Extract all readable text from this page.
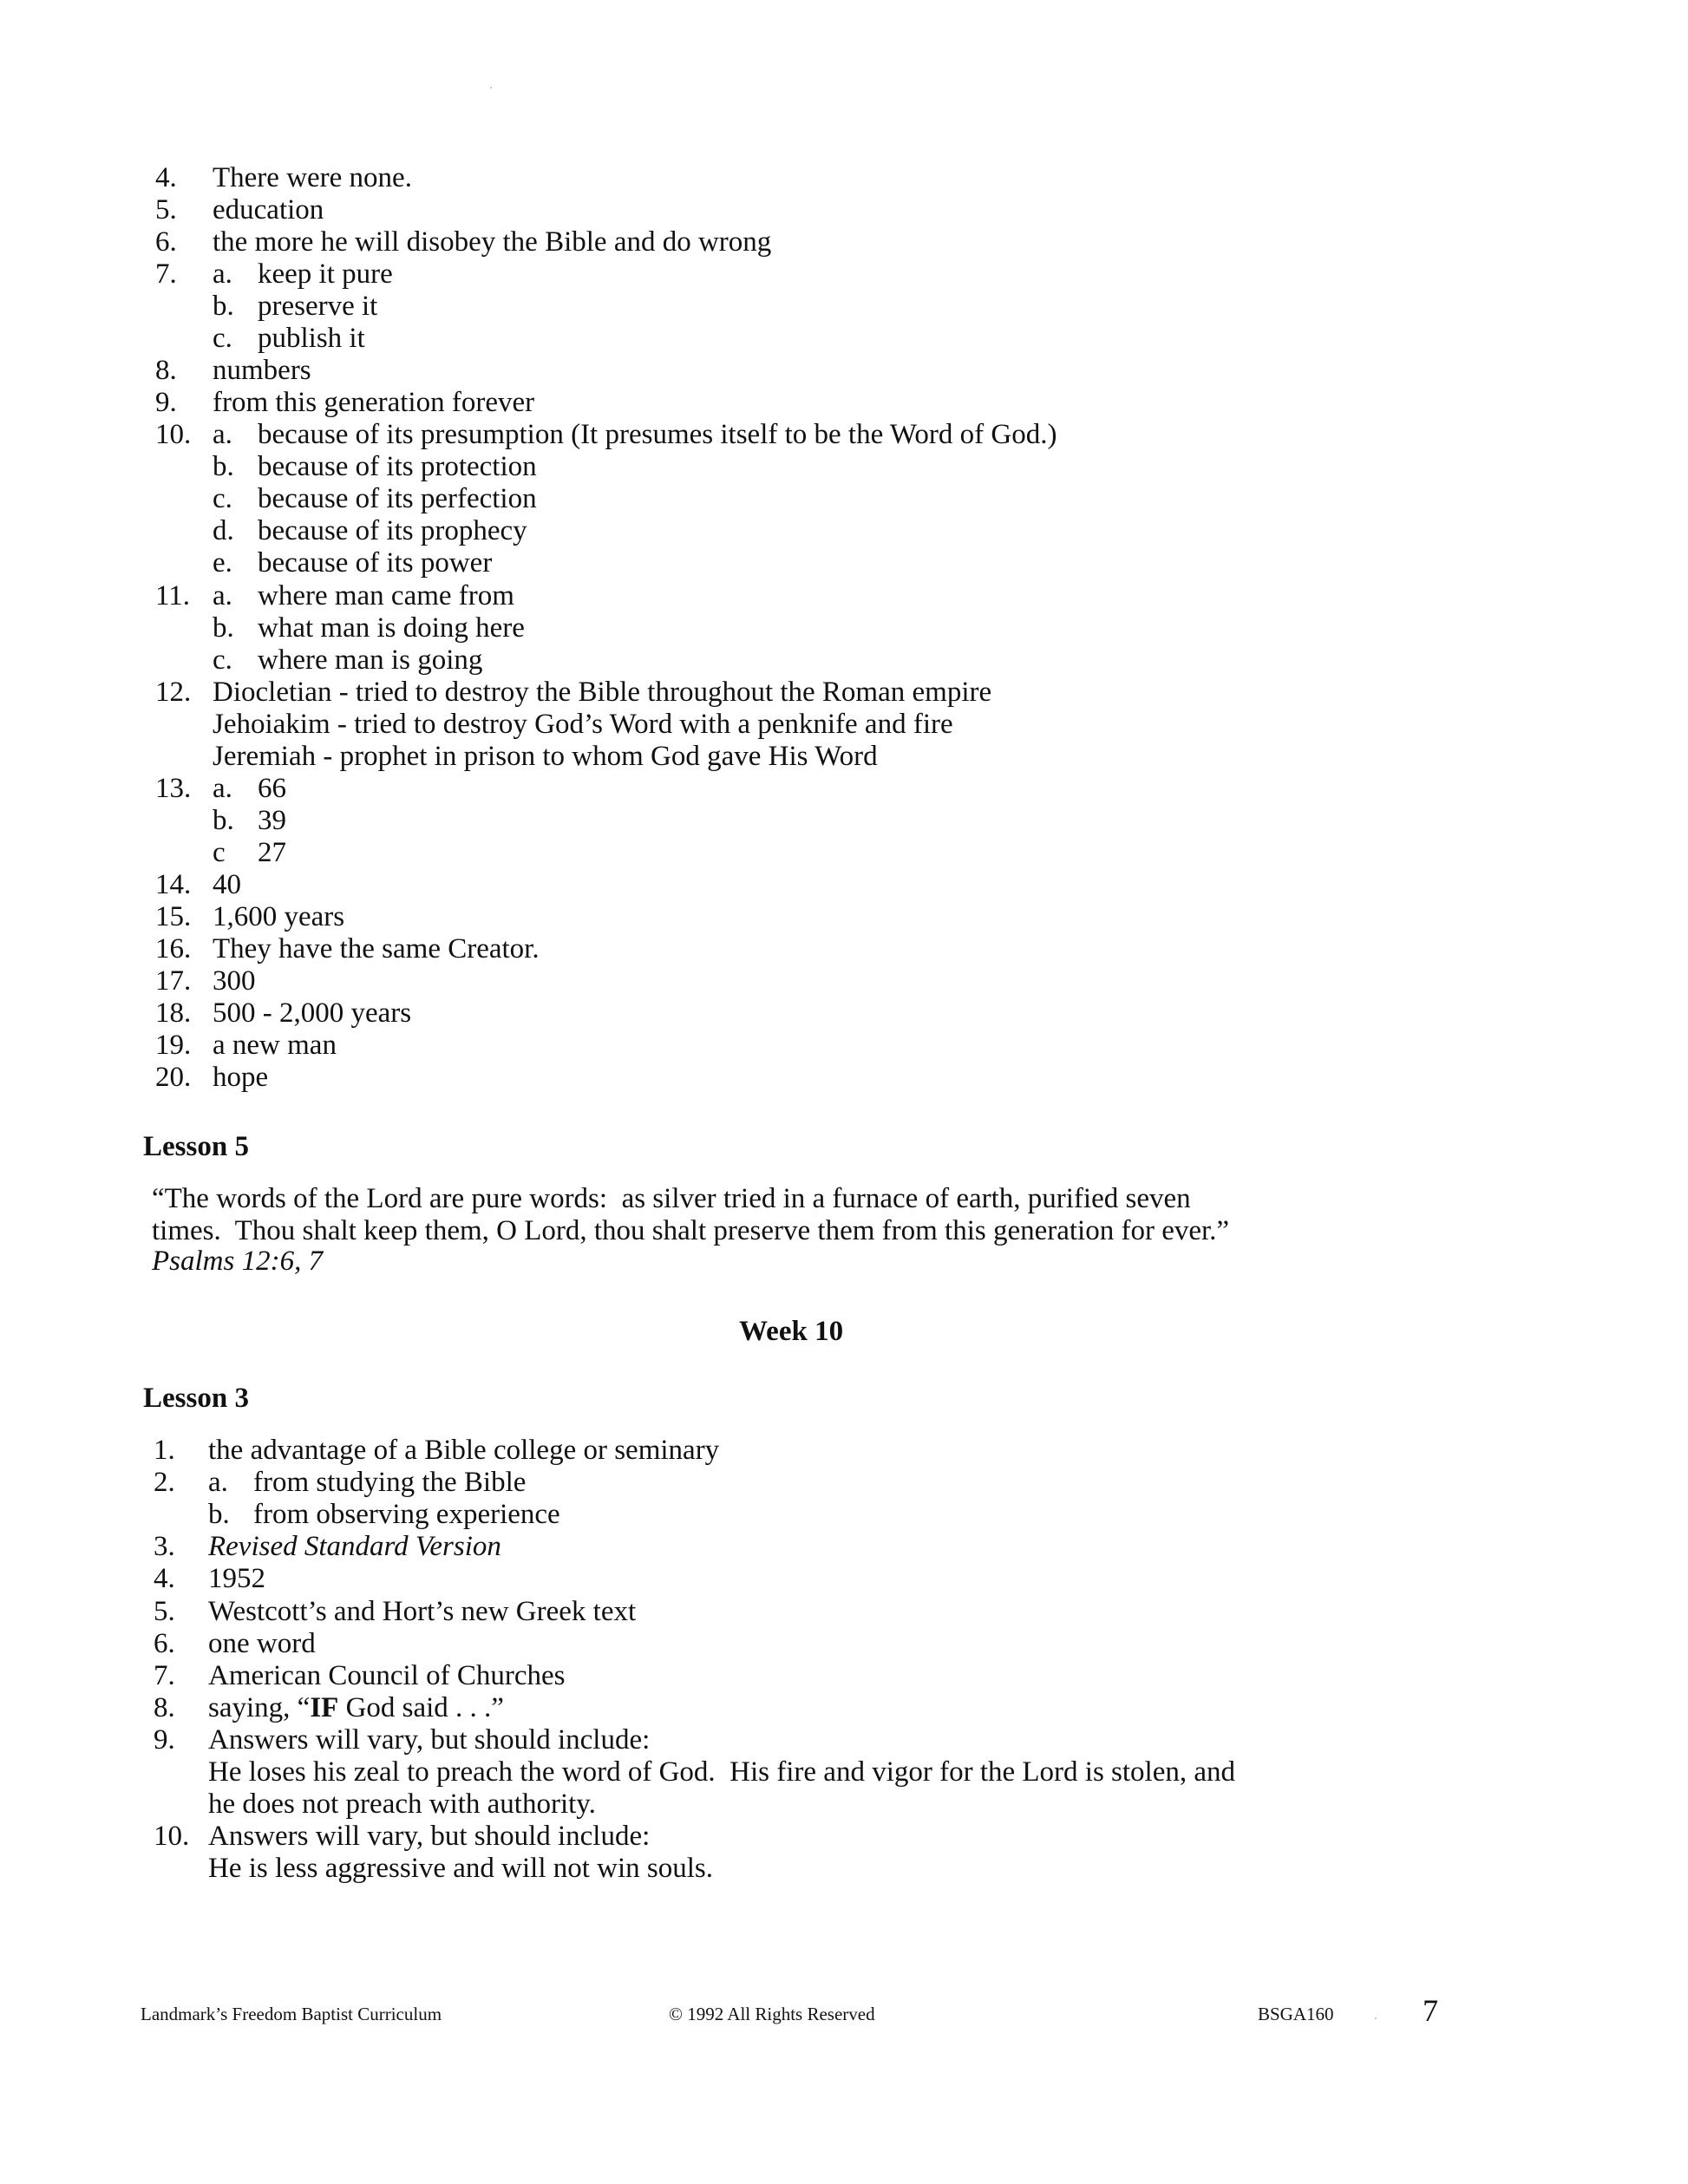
4. There were none.
5. education
6. the more he will disobey the Bible and do wrong
7. a. keep it pure
b. preserve it
c. publish it
8. numbers
9. from this generation forever
10. a. because of its presumption (It presumes itself to be the Word of God.)
b. because of its protection
c. because of its perfection
d. because of its prophecy
e. because of its power
11. a. where man came from
b. what man is doing here
c. where man is going
12. Diocletian - tried to destroy the Bible throughout the Roman empire
Jehoiakim - tried to destroy God’s Word with a penknife and fire
Jeremiah - prophet in prison to whom God gave His Word
13. a. 66
b. 39
c 27
14. 40
15. 1,600 years
16. They have the same Creator.
17. 300
18. 500 - 2,000 years
19. a new man
20. hope
Lesson 5
“The words of the Lord are pure words:  as silver tried in a furnace of earth, purified seven
times.  Thou shalt keep them, O Lord, thou shalt preserve them from this generation for ever.”
Psalms 12:6, 7
Week 10
Lesson 3
1. the advantage of a Bible college or seminary
2. a. from studying the Bible
b. from observing experience
3. Revised Standard Version
4. 1952
5. Westcott’s and Hort’s new Greek text
6. one word
7. American Council of Churches
8. saying, “IF God said . . .”
9. Answers will vary, but should include:
He loses his zeal to preach the word of God.  His fire and vigor for the Lord is stolen, and
he does not preach with authority.
10. Answers will vary, but should include:
He is less aggressive and will not win souls.
Landmark’s Freedom Baptist Curriculum	© 1992 All Rights Reserved	BSGA160	7
